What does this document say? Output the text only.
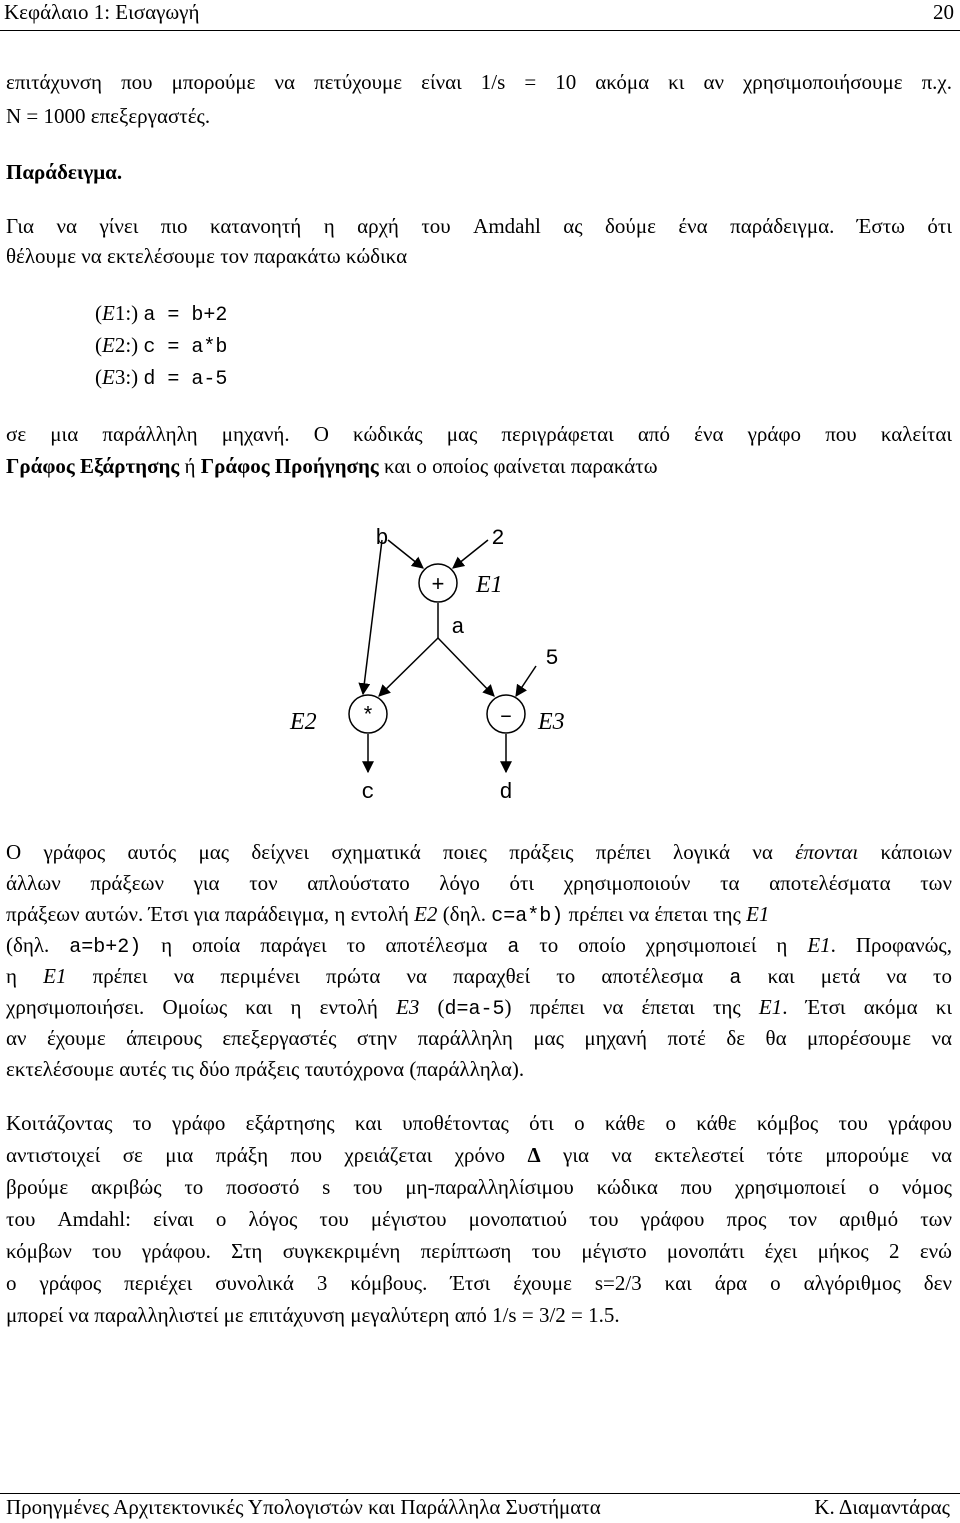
Κεφάλαιο 1: Εισαγωγή	20
επιτάχυνση που μπορούμε να πετύχουμε είναι 1/s = 10 ακόμα κι αν χρησιμοποιήσουμε π.χ.
N = 1000 επεξεργαστές.
Παράδειγμα.
Για να γίνει πιο κατανοητή η αρχή του Amdahl ας δούμε ένα παράδειγμα. Έστω ότι
θέλουμε να εκτελέσουμε τον παρακάτω κώδικα
(E1:) a = b+2
(E2:) c = a*b
(E3:) d = a-5
σε μια παράλληλη μηχανή. Ο κώδικάς μας περιγράφεται από ένα γράφο που καλείται
Γράφος Εξάρτησης ή Γράφος Προήγησης και ο οποίος φαίνεται παρακάτω
b	2
+ E1
a
5
E2 *	– E3
c	d
Ο γράφος αυτός μας δείχνει σχηματικά ποιες πράξεις πρέπει λογικά να έπονται κάποιων
άλλων πράξεων για τον απλούστατο λόγο ότι χρησιμοποιούν τα αποτελέσματα των
πράξεων αυτών. Έτσι για παράδειγμα, η εντολή E2 (δηλ. c=a*b) πρέπει να έπεται της E1
(δηλ. a=b+2) η οποία παράγει το αποτέλεσμα a το οποίο χρησιμοποιεί η E1. Προφανώς,
η E1 πρέπει να περιμένει πρώτα να παραχθεί το αποτέλεσμα a και μετά να το
χρησιμοποιήσει. Ομοίως και η εντολή E3 (d=a-5) πρέπει να έπεται της E1. Έτσι ακόμα κι
αν έχουμε άπειρους επεξεργαστές στην παράλληλη μας μηχανή ποτέ δε θα μπορέσουμε να
εκτελέσουμε αυτές τις δύο πράξεις ταυτόχρονα (παράλληλα).
Κοιτάζοντας το γράφο εξάρτησης και υποθέτοντας ότι ο κάθε ο κάθε κόμβος του γράφου
αντιστοιχεί σε μια πράξη που χρειάζεται χρόνο Δ για να εκτελεστεί τότε μπορούμε να
βρούμε ακριβώς το ποσοστό s του μη-παραλληλίσιμου κώδικα που χρησιμοποιεί ο νόμος
του Amdahl: είναι ο λόγος του μέγιστου μονοπατιού του γράφου προς τον αριθμό των
κόμβων του γράφου. Στη συγκεκριμένη περίπτωση του μέγιστο μονοπάτι έχει μήκος 2 ενώ
ο γράφος περιέχει συνολικά 3 κόμβους. Έτσι έχουμε s=2/3 και άρα ο αλγόριθμος δεν
μπορεί να παραλληλιστεί με επιτάχυνση μεγαλύτερη από 1/s = 3/2 = 1.5.
Προηγμένες Αρχιτεκτονικές Υπολογιστών και Παράλληλα Συστήματα	Κ. Διαμαντάρας
